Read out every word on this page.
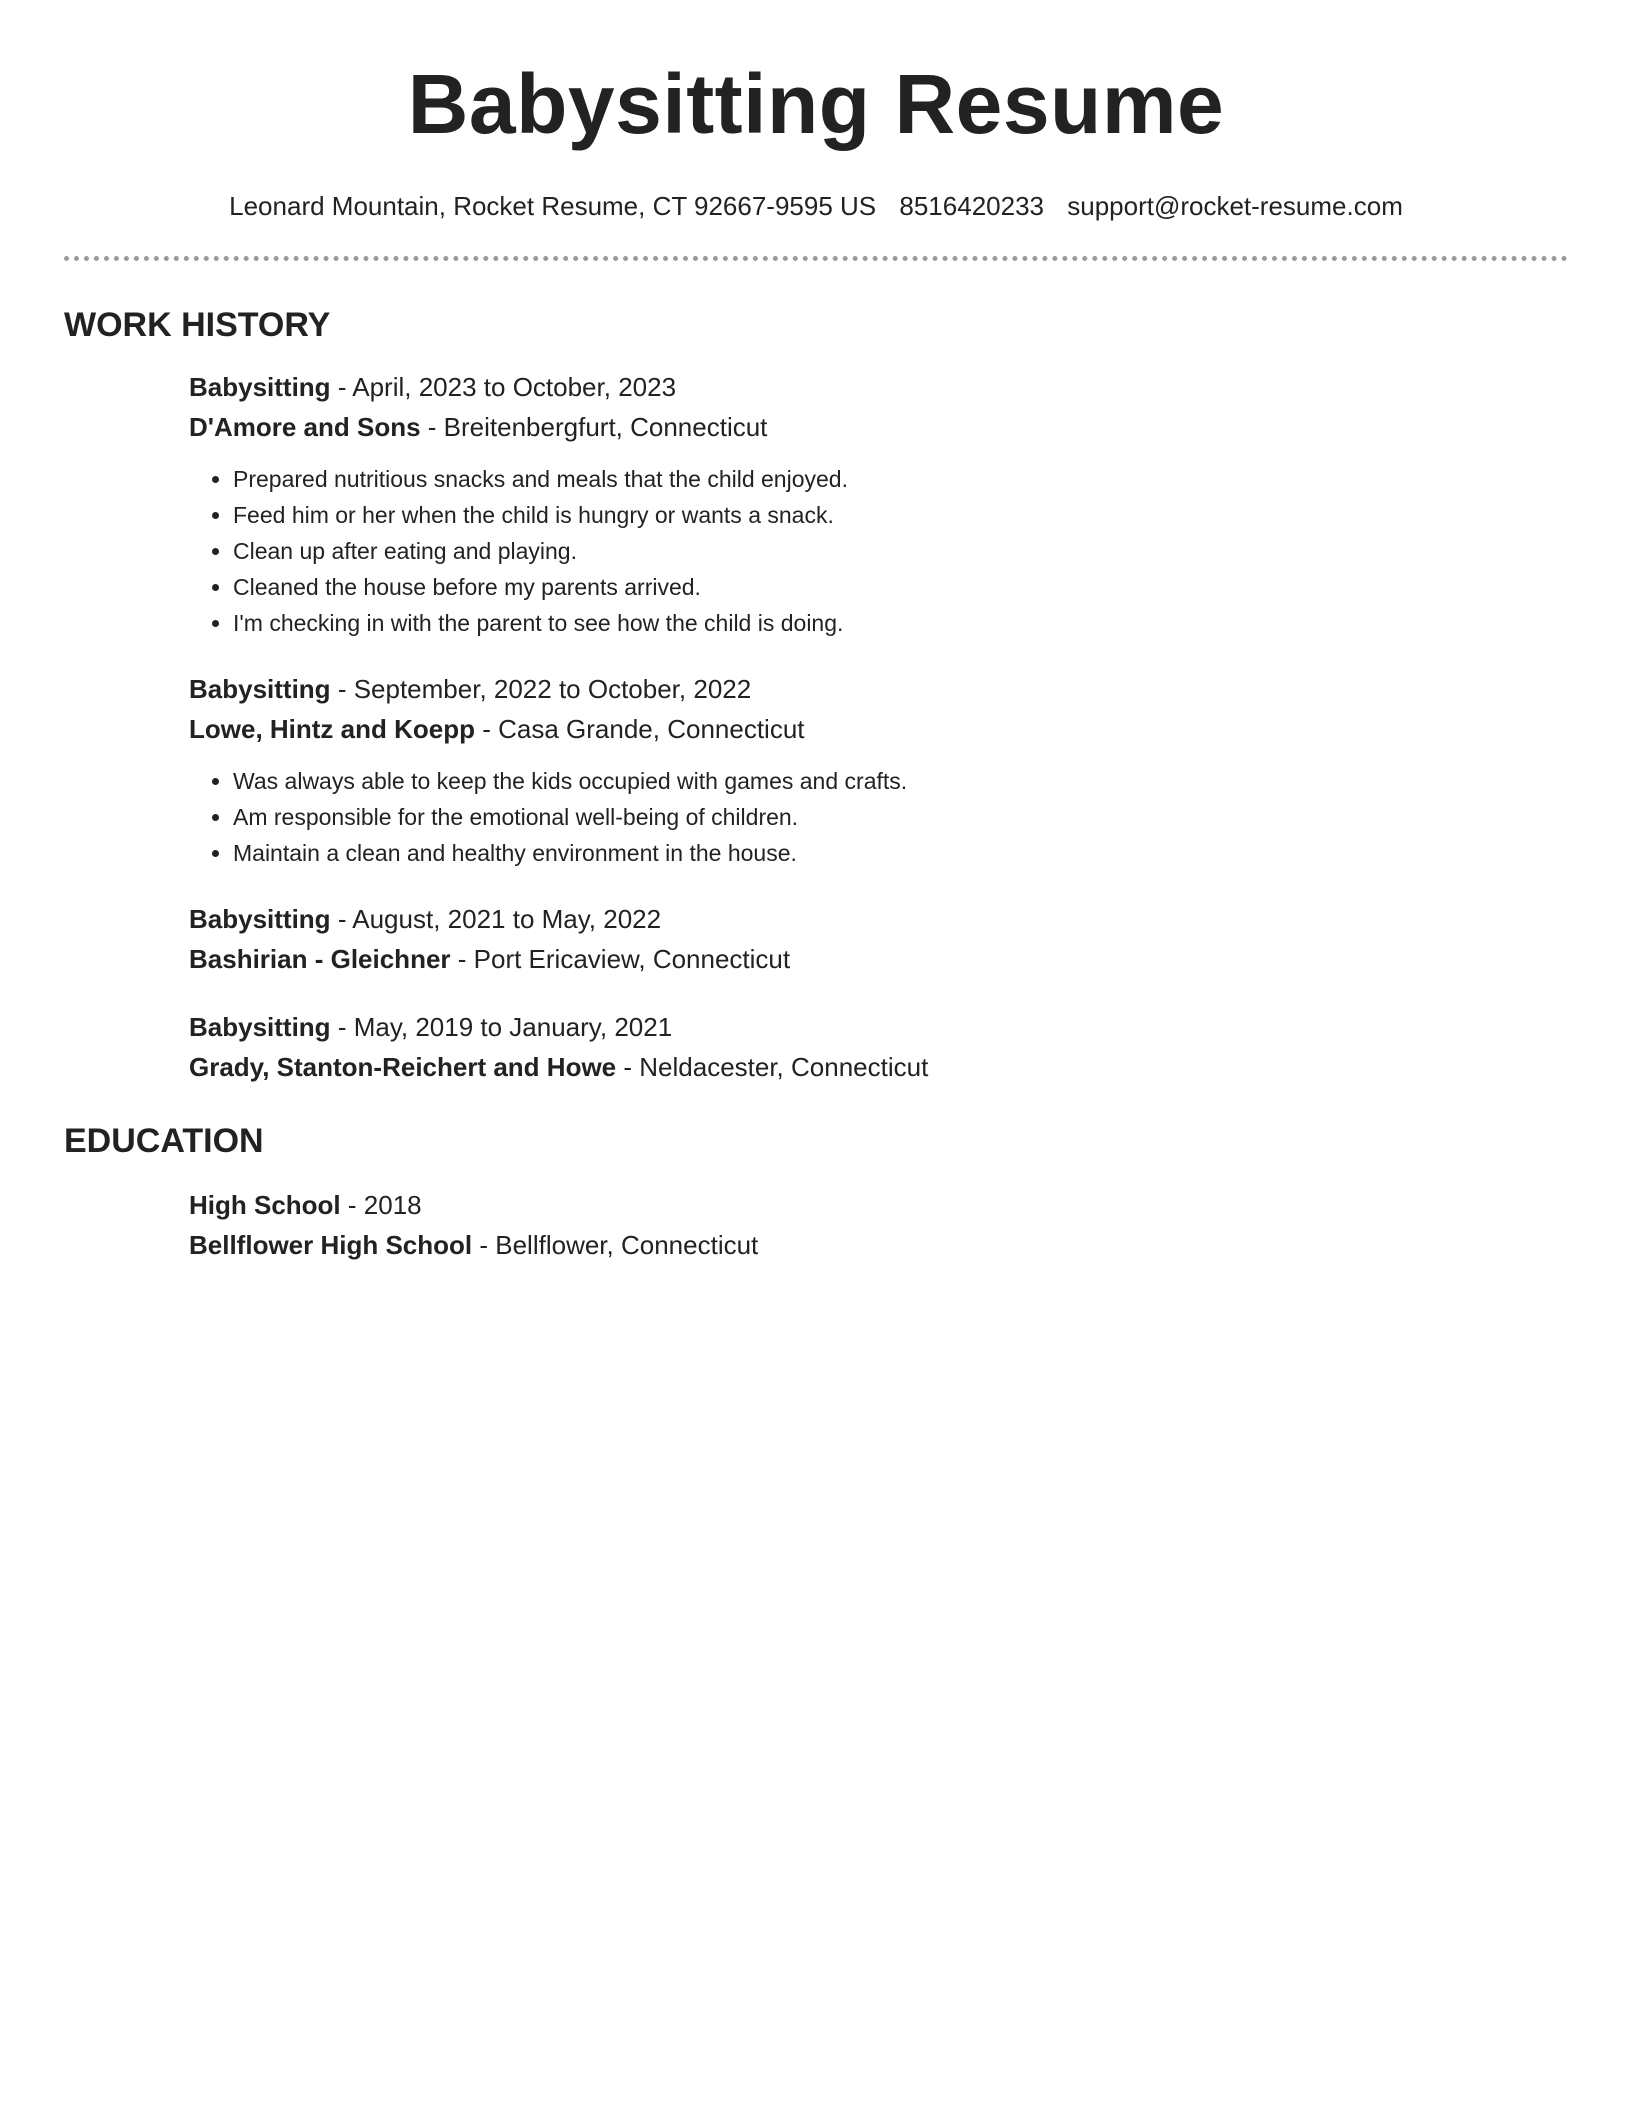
Babysitting Resume
Leonard Mountain, Rocket Resume, CT 92667-9595 US 8516420233 support@rocket-resume.com
WORK HISTORY
Babysitting - April, 2023 to October, 2023
D'Amore and Sons - Breitenbergfurt, Connecticut
• Prepared nutritious snacks and meals that the child enjoyed.
• Feed him or her when the child is hungry or wants a snack.
• Clean up after eating and playing.
• Cleaned the house before my parents arrived.
• I'm checking in with the parent to see how the child is doing.
Babysitting - September, 2022 to October, 2022
Lowe, Hintz and Koepp - Casa Grande, Connecticut
• Was always able to keep the kids occupied with games and crafts.
• Am responsible for the emotional well-being of children.
• Maintain a clean and healthy environment in the house.
Babysitting - August, 2021 to May, 2022
Bashirian - Gleichner - Port Ericaview, Connecticut
Babysitting - May, 2019 to January, 2021
Grady, Stanton-Reichert and Howe - Neldacester, Connecticut
EDUCATION
High School - 2018
Bellflower High School - Bellflower, Connecticut
